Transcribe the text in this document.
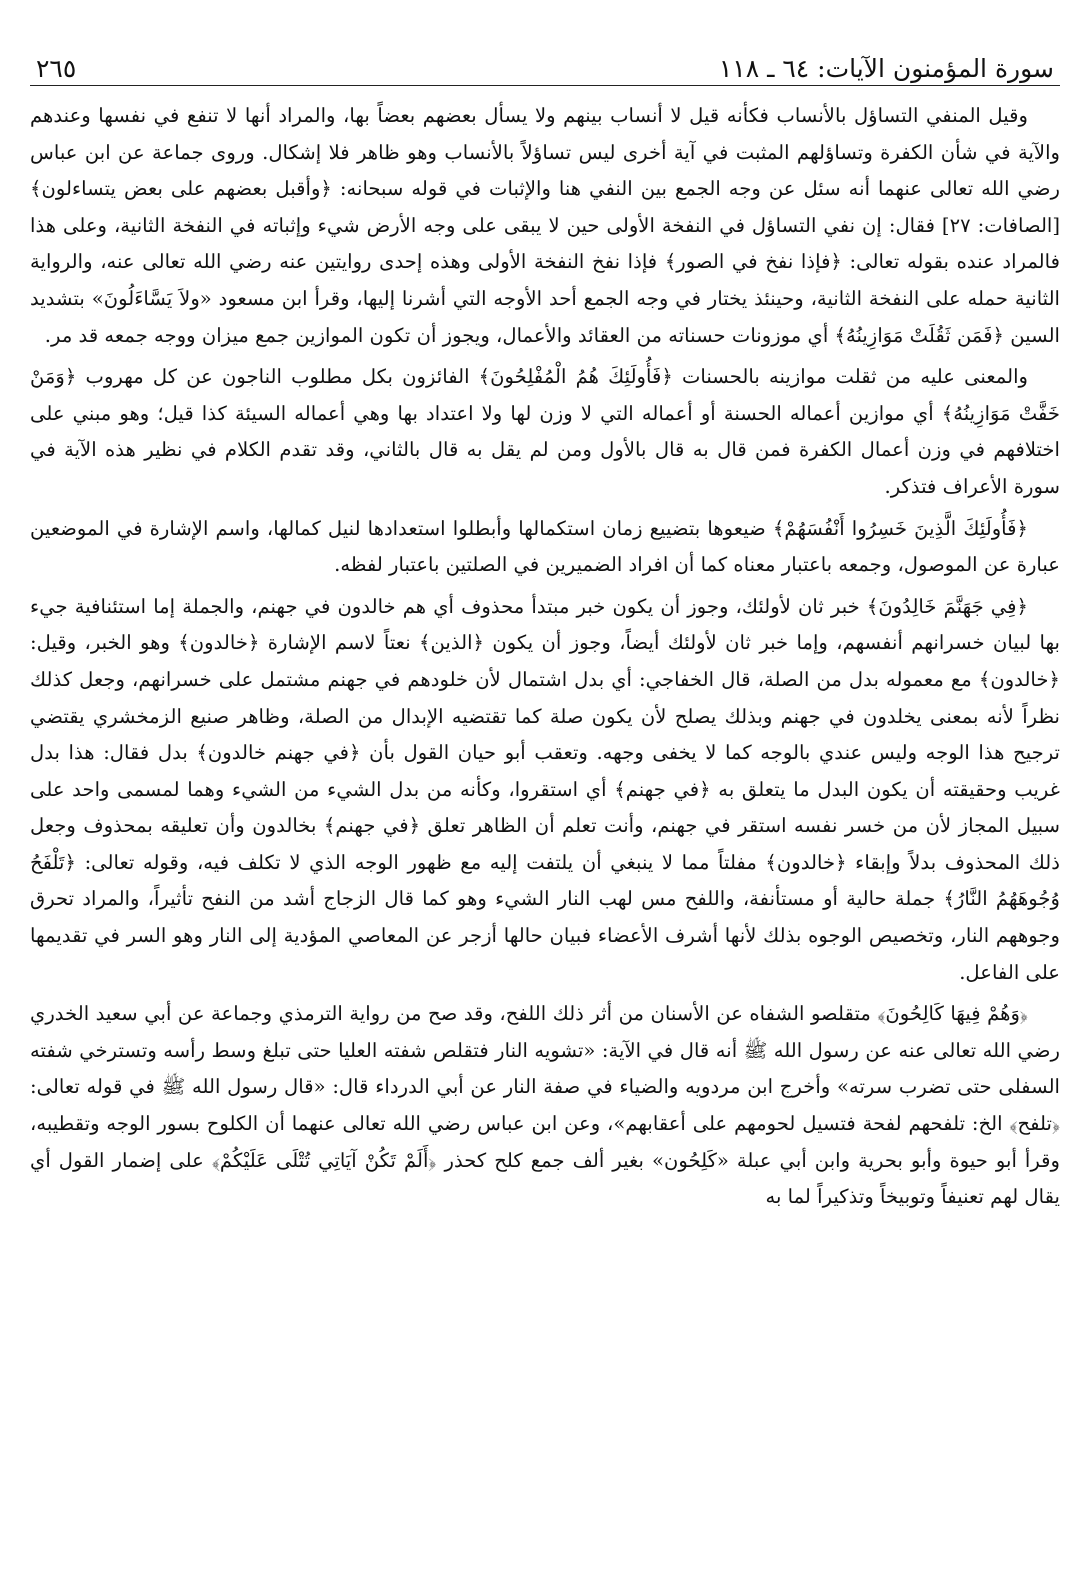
سورة المؤمنون الآيات: ٦٤ ـ ١١٨
٢٦٥

وقيل المنفي التساؤل بالأنساب فكأنه قيل لا أنساب بينهم ولا يسأل بعضهم بعضاً بها، والمراد أنها لا تنفع في نفسها وعندهم والآية في شأن الكفرة وتساؤلهم المثبت في آية أخرى ليس تساؤلاً بالأنساب وهو ظاهر فلا إشكال. وروى جماعة عن ابن عباس رضي الله تعالى عنهما أنه سئل عن وجه الجمع بين النفي هنا والإثبات في قوله سبحانه: ﴿وأقبل بعضهم على بعض يتساءلون﴾ [الصافات: ٢٧] فقال: إن نفي التساؤل في النفخة الأولى حين لا يبقى على وجه الأرض شيء وإثباته في النفخة الثانية، وعلى هذا فالمراد عنده بقوله تعالى: ﴿فإذا نفخ في الصور﴾ فإذا نفخ النفخة الأولى وهذه إحدى روايتين عنه رضي الله تعالى عنه، والرواية الثانية حمله على النفخة الثانية، وحينئذ يختار في وجه الجمع أحد الأوجه التي أشرنا إليها، وقرأ ابن مسعود «ولاَ يَسَّاءَلُونَ» بتشديد السين ﴿فَمَن ثَقُلَتْ مَوَازِينُهُ﴾ أي موزونات حسناته من العقائد والأعمال، ويجوز أن تكون الموازين جمع ميزان ووجه جمعه قد مر.

والمعنى عليه من ثقلت موازينه بالحسنات ﴿فَأُولَئِكَ هُمُ الْمُفْلِحُونَ﴾ الفائزون بكل مطلوب الناجون عن كل مهروب ﴿وَمَنْ خَفَّتْ مَوَازِينُهُ﴾ أي موازين أعماله الحسنة أو أعماله التي لا وزن لها ولا اعتداد بها وهي أعماله السيئة كذا قيل؛ وهو مبني على اختلافهم في وزن أعمال الكفرة فمن قال به قال بالأول ومن لم يقل به قال بالثاني، وقد تقدم الكلام في نظير هذه الآية في سورة الأعراف فتذكر.

﴿فَأُولَئِكَ الَّذِينَ خَسِرُوا أَنْفُسَهُمْ﴾ ضيعوها بتضييع زمان استكمالها وأبطلوا استعدادها لنيل كمالها، واسم الإشارة في الموضعين عبارة عن الموصول، وجمعه باعتبار معناه كما أن افراد الضميرين في الصلتين باعتبار لفظه.

﴿فِي جَهَنَّمَ خَالِدُونَ﴾ خبر ثان لأولئك، وجوز أن يكون خبر مبتدأ محذوف أي هم خالدون في جهنم، والجملة إما استئنافية جيء بها لبيان خسرانهم أنفسهم، وإما خبر ثان لأولئك أيضاً، وجوز أن يكون ﴿الذين﴾ نعتاً لاسم الإشارة ﴿خالدون﴾ وهو الخبر، وقيل: ﴿خالدون﴾ مع معموله بدل من الصلة، قال الخفاجي: أي بدل اشتمال لأن خلودهم في جهنم مشتمل على خسرانهم، وجعل كذلك نظراً لأنه بمعنى يخلدون في جهنم وبذلك يصلح لأن يكون صلة كما تقتضيه الإبدال من الصلة، وظاهر صنيع الزمخشري يقتضي ترجيح هذا الوجه وليس عندي بالوجه كما لا يخفى وجهه. وتعقب أبو حيان القول بأن ﴿في جهنم خالدون﴾ بدل فقال: هذا بدل غريب وحقيقته أن يكون البدل ما يتعلق به ﴿في جهنم﴾ أي استقروا، وكأنه من بدل الشيء من الشيء وهما لمسمى واحد على سبيل المجاز لأن من خسر نفسه استقر في جهنم، وأنت تعلم أن الظاهر تعلق ﴿في جهنم﴾ بخالدون وأن تعليقه بمحذوف وجعل ذلك المحذوف بدلاً وإبقاء ﴿خالدون﴾ مفلتاً مما لا ينبغي أن يلتفت إليه مع ظهور الوجه الذي لا تكلف فيه، وقوله تعالى: ﴿تَلْفَحُ وُجُوهَهُمُ النَّارُ﴾ جملة حالية أو مستأنفة، واللفح مس لهب النار الشيء وهو كما قال الزجاج أشد من النفح تأثيراً، والمراد تحرق وجوههم النار، وتخصيص الوجوه بذلك لأنها أشرف الأعضاء فبيان حالها أزجر عن المعاصي المؤدية إلى النار وهو السر في تقديمها على الفاعل.

﴿وَهُمْ فِيهَا كَالِحُونَ﴾ متقلصو الشفاه عن الأسنان من أثر ذلك اللفح، وقد صح من رواية الترمذي وجماعة عن أبي سعيد الخدري رضي الله تعالى عنه عن رسول الله ﷺ أنه قال في الآية: «تشويه النار فتقلص شفته العليا حتى تبلغ وسط رأسه وتسترخي شفته السفلى حتى تضرب سرته» وأخرج ابن مردويه والضياء في صفة النار عن أبي الدرداء قال: «قال رسول الله ﷺ في قوله تعالى: ﴿تلفح﴾ الخ: تلفحهم لفحة فتسيل لحومهم على أعقابهم»، وعن ابن عباس رضي الله تعالى عنهما أن الكلوح بسور الوجه وتقطيبه، وقرأ أبو حيوة وأبو بحرية وابن أبي عبلة «كَلِحُون» بغير ألف جمع كلح كحذر ﴿أَلَمْ تَكُنْ آيَاتِي تُتْلَى عَلَيْكُمْ﴾ على إضمار القول أي يقال لهم تعنيفاً وتوبيخاً وتذكيراً لما به
